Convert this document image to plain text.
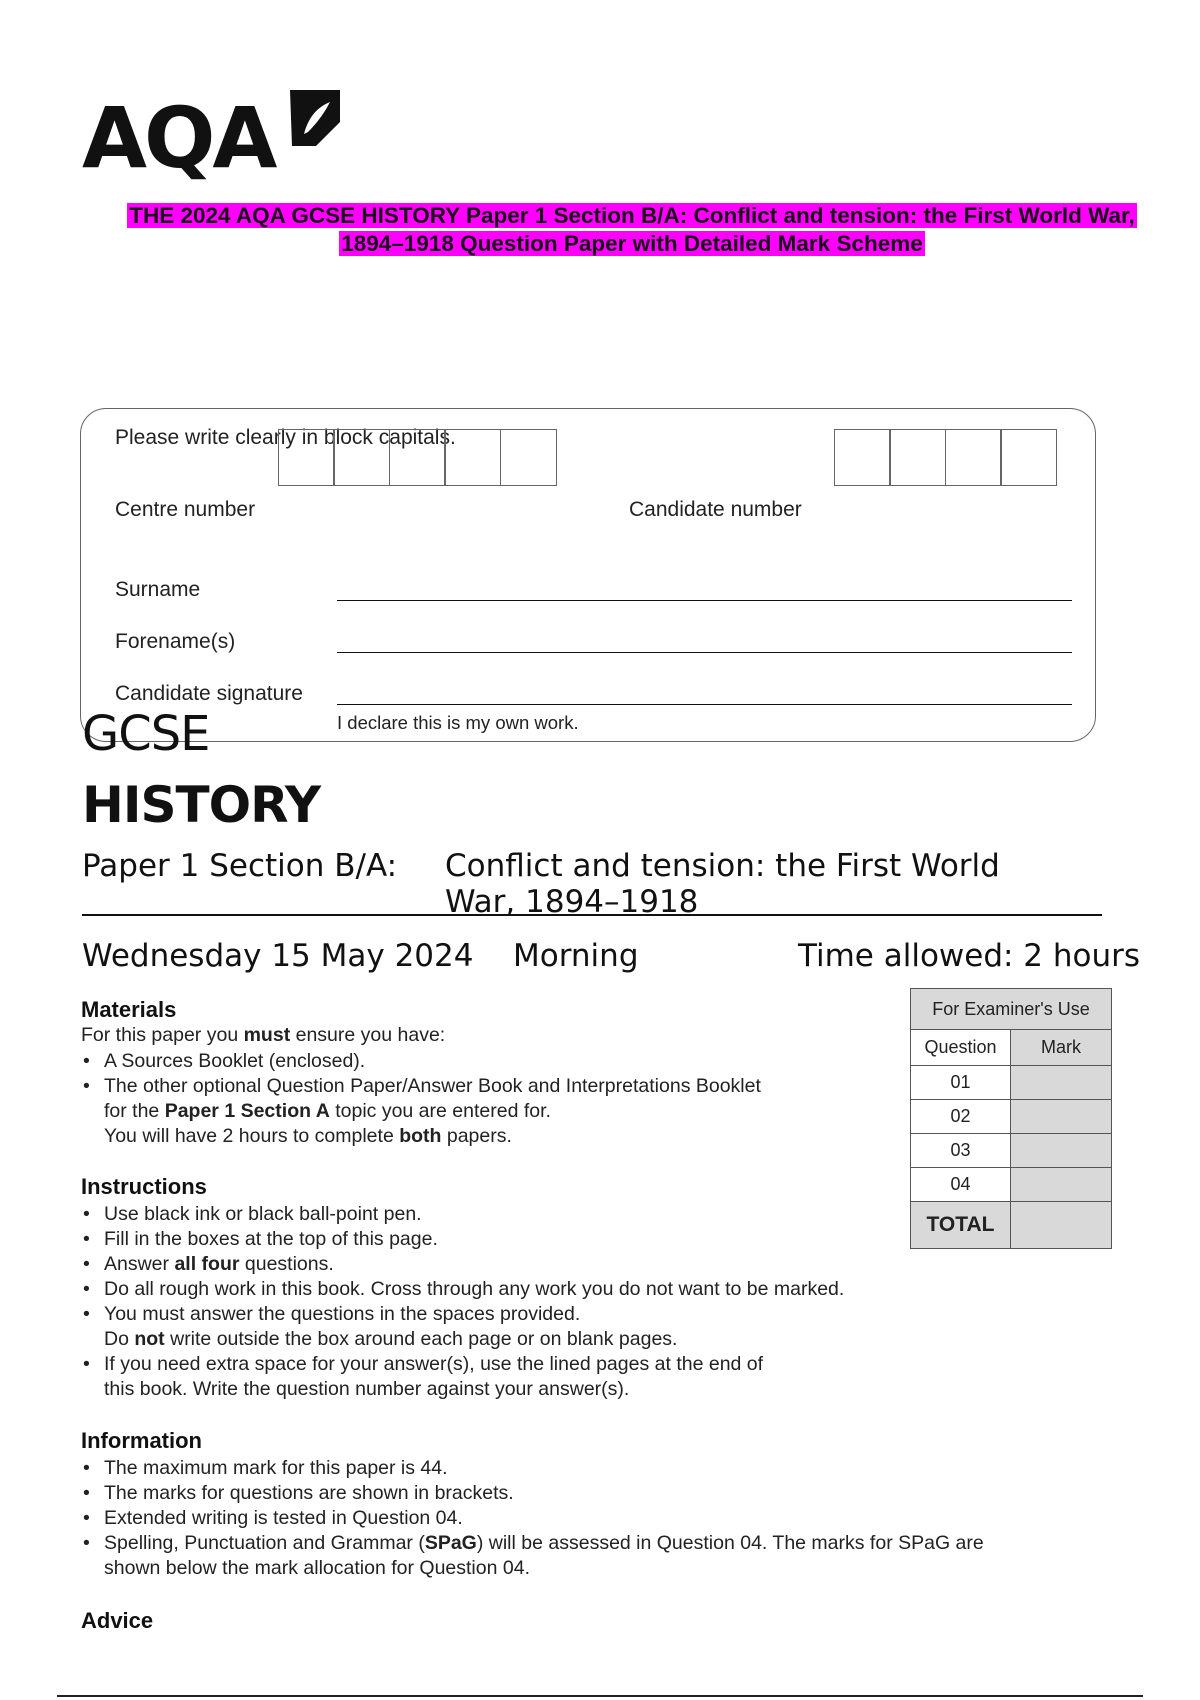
AQA
THE 2024 AQA GCSE HISTORY Paper 1 Section B/A: Conflict and tension: the First World War,
1894–1918 Question Paper with Detailed Mark Scheme
Please write clearly in block capitals.
Centre number	Candidate number
Surname
Forename(s)
Candidate signature
I declare this is my own work.
GCSE
HISTORY
Paper 1 Section B/A: Conflict and tension: the First World War, 1894–1918
Wednesday 15 May 2024 Morning	Time allowed: 2 hours
Materials
For this paper you must ensure you have:
• A Sources Booklet (enclosed).
• The other optional Question Paper/Answer Book and Interpretations Booklet
for the Paper 1 Section A topic you are entered for.
You will have 2 hours to complete both papers.
Instructions
• Use black ink or black ball-point pen.
• Fill in the boxes at the top of this page.
• Answer all four questions.
• Do all rough work in this book. Cross through any work you do not want to be marked.
• You must answer the questions in the spaces provided.
Do not write outside the box around each page or on blank pages.
• If you need extra space for your answer(s), use the lined pages at the end of
this book. Write the question number against your answer(s).
Information
• The maximum mark for this paper is 44.
• The marks for questions are shown in brackets.
• Extended writing is tested in Question 04.
• Spelling, Punctuation and Grammar (SPaG) will be assessed in Question 04. The marks for SPaG are
shown below the mark allocation for Question 04.
Advice
For Examiner's Use	
Question	Mark
01	
02	
03	
04	
TOTAL	
